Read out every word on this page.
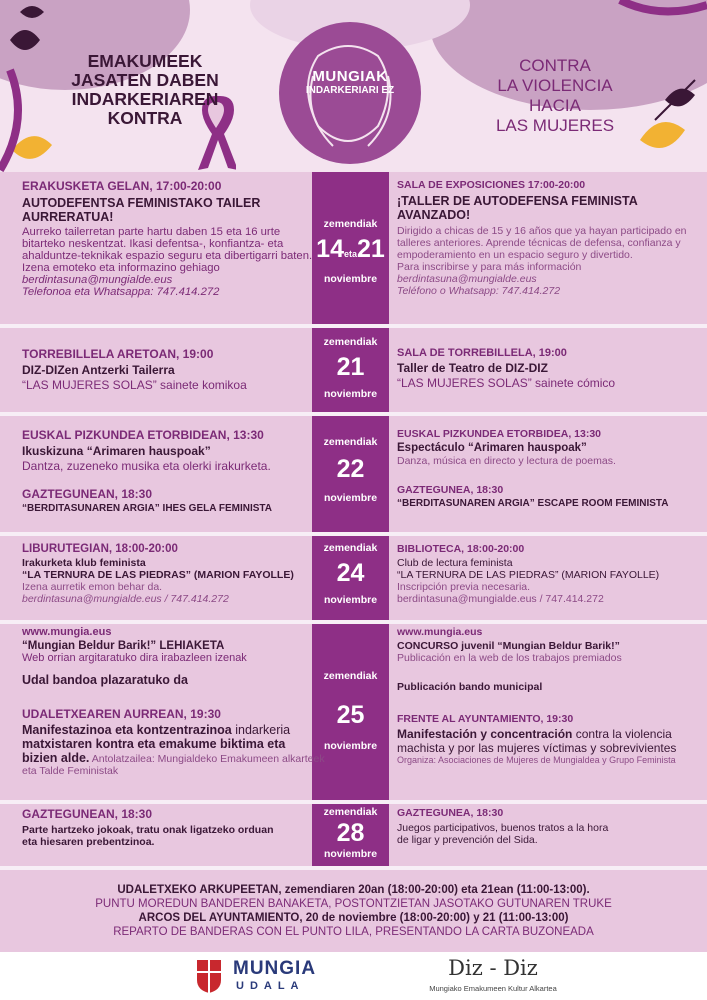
EMAKUMEEK
JASATEN DABEN
INDARKERIAREN
KONTRA
MUNGIAK
INDARKERIARI EZ
CONTRA
LA VIOLENCIA
HACIA
LAS MUJERES
zemendiak
14eta21
noviembre
ERAKUSKETA GELAN, 17:00-20:00
AUTODEFENTSA FEMINISTAKO TAILER
AURRERATUA!
Aurreko tailerretan parte hartu daben 15 eta 16 urte
bitarteko neskentzat. Ikasi defentsa-, konfiantza- eta
ahalduntze-teknikak espazio seguru eta dibertigarri baten.
Izena emoteko eta informazino gehiago
berdintasuna@mungialde.eus
Telefonoa eta Whatsappa: 747.414.272
SALA DE EXPOSICIONES 17:00-20:00
¡TALLER DE AUTODEFENSA FEMINISTA
AVANZADO!
Dirigido a chicas de 15 y 16 años que ya hayan participado en
talleres anteriores. Aprende técnicas de defensa, confianza y
empoderamiento en un espacio seguro y divertido.
Para inscribirse y para más información
berdintasuna@mungialde.eus
Teléfono o Whatsapp: 747.414.272
zemendiak
21
noviembre
TORREBILLELA ARETOAN, 19:00
DIZ-DIZen Antzerki Tailerra
“LAS MUJERES SOLAS” sainete komikoa
SALA DE TORREBILLELA, 19:00
Taller de Teatro de DIZ-DIZ
“LAS MUJERES SOLAS” sainete cómico
zemendiak
22
noviembre
EUSKAL PIZKUNDEA ETORBIDEAN, 13:30
Ikuskizuna “Arimaren hauspoak”
Dantza, zuzeneko musika eta olerki irakurketa.
GAZTEGUNEAN, 18:30
“BERDITASUNAREN ARGIA” IHES GELA FEMINISTA
EUSKAL PIZKUNDEA ETORBIDEA, 13:30
Espectáculo “Arimaren hauspoak”
Danza, música en directo y lectura de poemas.
GAZTEGUNEA, 18:30
“BERDITASUNAREN ARGIA” ESCAPE ROOM FEMINISTA
zemendiak
24
noviembre
LIBURUTEGIAN, 18:00-20:00
Irakurketa klub feminista
“LA TERNURA DE LAS PIEDRAS” (MARION FAYOLLE)
Izena aurretik emon behar da.
berdintasuna@mungialde.eus / 747.414.272
BIBLIOTECA, 18:00-20:00
Club de lectura feminista
“LA TERNURA DE LAS PIEDRAS” (MARION FAYOLLE)
Inscripción previa necesaria.
berdintasuna@mungialde.eus / 747.414.272
zemendiak
25
noviembre
www.mungia.eus
“Mungian Beldur Barik!” LEHIAKETA
Web orrian argitaratuko dira irabazleen izenak
Udal bandoa plazaratuko da
UDALETXEAREN AURREAN, 19:30
Manifestazinoa eta kontzentrazinoa indarkeria
matxistaren kontra eta emakume biktima eta
bizien alde. Antolatzailea: Mungialdeko Emakumeen alkarteek
eta Talde Feministak
www.mungia.eus
CONCURSO juvenil “Mungian Beldur Barik!”
Publicación en la web de los trabajos premiados
Publicación bando municipal
FRENTE AL AYUNTAMIENTO, 19:30
Manifestación y concentración contra la violencia
machista y por las mujeres víctimas y sobrevivientes
Organiza: Asociaciones de Mujeres de Mungialdea y Grupo Feminista
zemendiak
28
noviembre
GAZTEGUNEAN, 18:30
Parte hartzeko jokoak, tratu onak ligatzeko orduan
eta hiesaren prebentzinoa.
GAZTEGUNEA, 18:30
Juegos participativos, buenos tratos a la hora
de ligar y prevención del Sida.
UDALETXEKO ARKUPEETAN, zemendiaren 20an (18:00-20:00) eta 21ean (11:00-13:00).
PUNTU MOREDUN BANDEREN BANAKETA, POSTONTZIETAN JASOTAKO GUTUNAREN TRUKE
ARCOS DEL AYUNTAMIENTO, 20 de noviembre (18:00-20:00) y 21 (11:00-13:00)
REPARTO DE BANDERAS CON EL PUNTO LILA, PRESENTANDO LA CARTA BUZONEADA
MUNGIA
UDALA
Diz - Diz
Mungiako Emakumeen Kultur Alkartea
